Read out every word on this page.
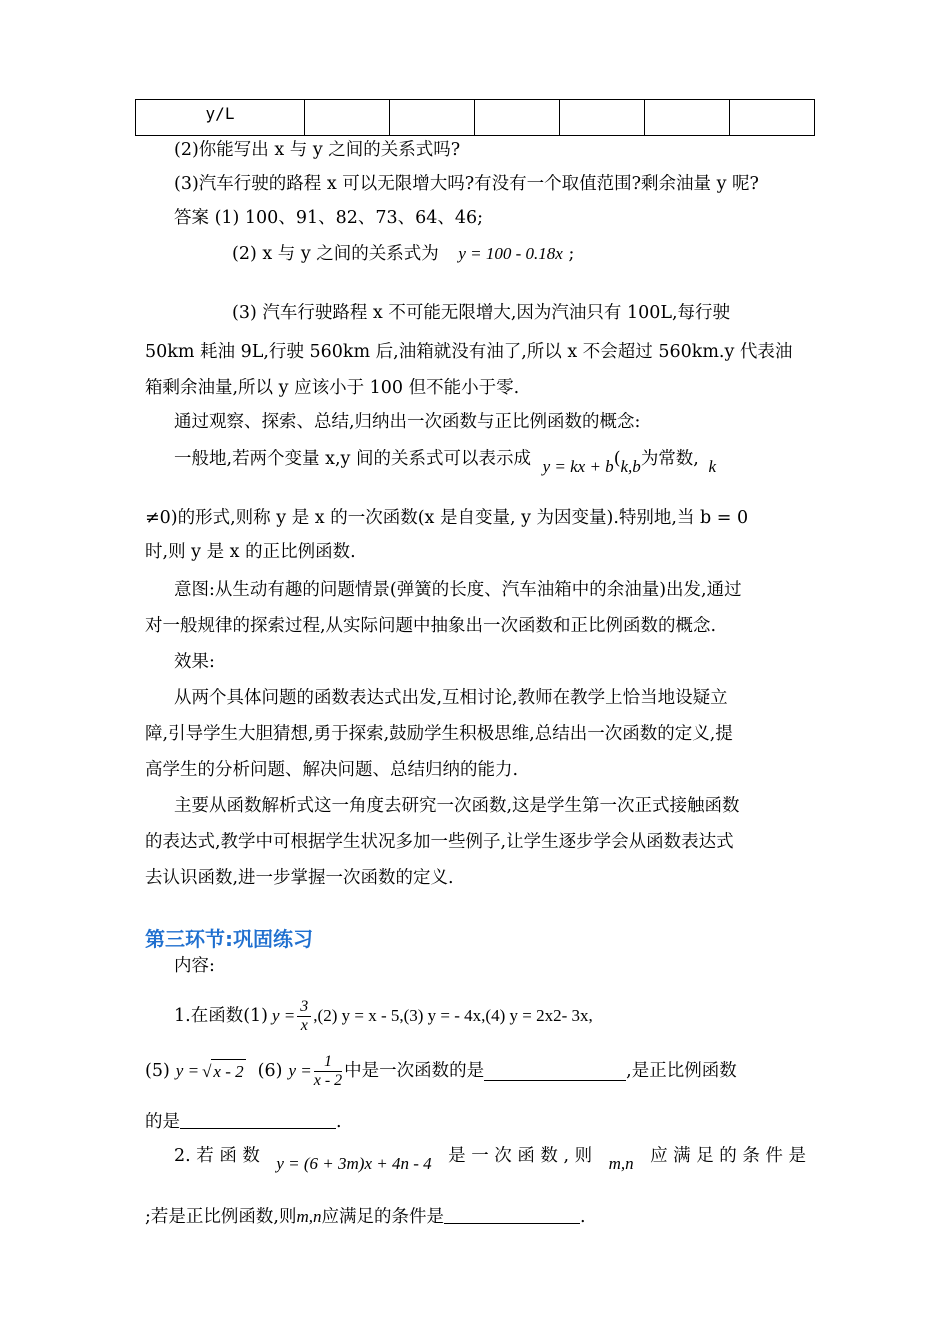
y/L						
(2)你能写出 x 与 y 之间的关系式吗?
(3)汽车行驶的路程 x 可以无限增大吗?有没有一个取值范围?剩余油量 y 呢?
答案 (1) 100、91、82、73、64、46;
(2) x 与 y 之间的关系式为 y = 100 - 0.18x ;
(3) 汽车行驶路程 x 不可能无限增大,因为汽油只有 100L,每行驶
50km 耗油 9L,行驶 560km 后,油箱就没有油了,所以 x 不会超过 560km.y 代表油
箱剩余油量,所以 y 应该小于 100 但不能小于零.
通过观察、探索、总结,归纳出一次函数与正比例函数的概念:
一般地,若两个变量 x,y 间的关系式可以表示成 y = kx + b(k,b为常数, k
≠0)的形式,则称 y 是 x 的一次函数(x 是自变量, y 为因变量).特别地,当 b = 0
时,则 y 是 x 的正比例函数.
意图:从生动有趣的问题情景(弹簧的长度、汽车油箱中的余油量)出发,通过
对一般规律的探索过程,从实际问题中抽象出一次函数和正比例函数的概念.
效果:
从两个具体问题的函数表达式出发,互相讨论,教师在教学上恰当地设疑立
障,引导学生大胆猜想,勇于探索,鼓励学生积极思维,总结出一次函数的定义,提
高学生的分析问题、解决问题、总结归纳的能力.
主要从函数解析式这一角度去研究一次函数,这是学生第一次正式接触函数
的表达式,教学中可根据学生状况多加一些例子,让学生逐步学会从函数表达式
去认识函数,进一步掌握一次函数的定义.
第三环节:巩固练习
内容:
1.在函数(1) $y = \frac{3}{x} ,(2) y = x - 5,(3) y$ = - 4x,(4) y = 2x 2 - 3x,
(5) y = √ x - 2 (6) $y = \frac{1}{x - 2}$ 中是一次函数的是	,是正比例函数
的是	.
2. 若 函 数 y = (6 + 3m)x + 4n - 4 是 一 次 函 数 , 则 m,n 应 满 足 的 条 件 是
;若是正比例函数,则m,n应满足的条件是	.
